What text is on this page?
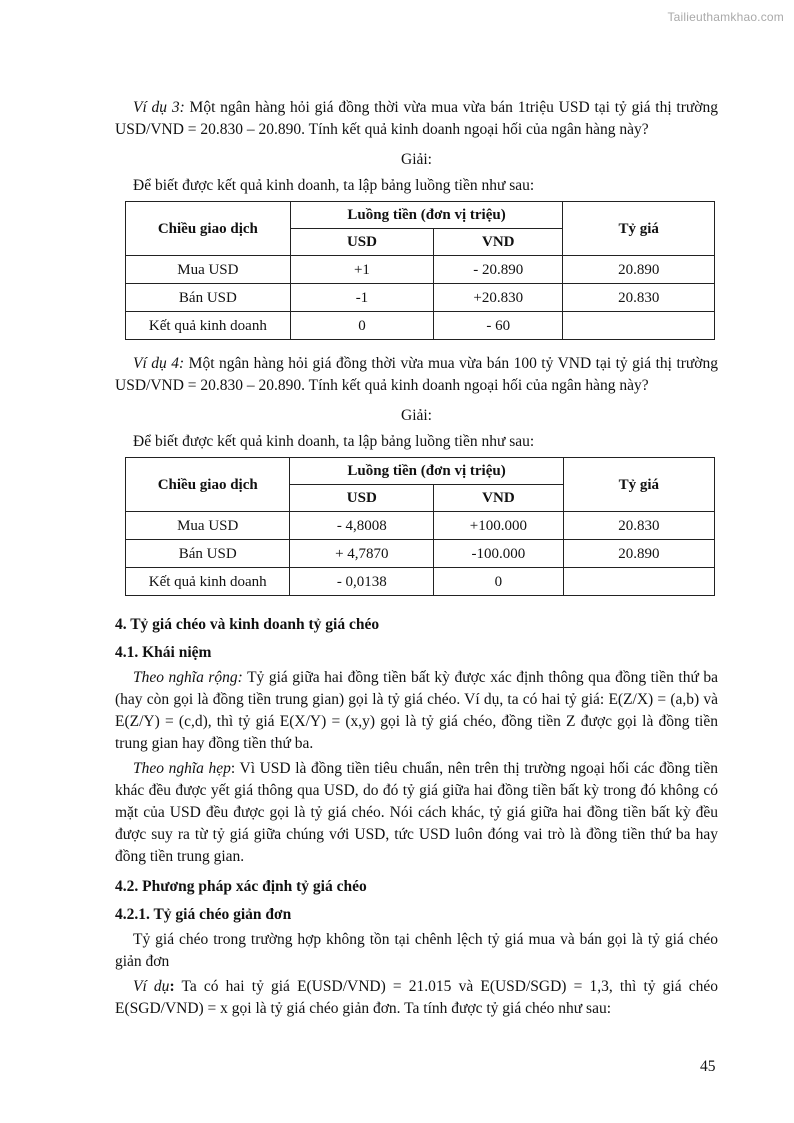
Tailieuthamkhao.com

Ví dụ 3: Một ngân hàng hỏi giá đồng thời vừa mua vừa bán 1triệu USD tại tỷ giá thị trường USD/VND = 20.830 – 20.890. Tính kết quả kinh doanh ngoại hối của ngân hàng này?

Giải:

Để biết được kết quả kinh doanh, ta lập bảng luồng tiền như sau:

Chiều giao dịch	Luồng tiền (đơn vị triệu)		Tỷ giá
	USD	VND	
Mua USD	+1	- 20.890	20.890
Bán USD	-1	+20.830	20.830
Kết quả kinh doanh	0	- 60	

Ví dụ 4: Một ngân hàng hỏi giá đồng thời vừa mua vừa bán 100 tỷ VND tại tỷ giá thị trường USD/VND = 20.830 – 20.890. Tính kết quả kinh doanh ngoại hối của ngân hàng này?

Giải:

Để biết được kết quả kinh doanh, ta lập bảng luồng tiền như sau:

Chiều giao dịch	Luồng tiền (đơn vị triệu)		Tỷ giá
	USD	VND	
Mua USD	- 4,8008	+100.000	20.830
Bán USD	+ 4,7870	-100.000	20.890
Kết quả kinh doanh	- 0,0138	0	

4. Tỷ giá chéo và kinh doanh tỷ giá chéo

4.1. Khái niệm

Theo nghĩa rộng: Tỷ giá giữa hai đồng tiền bất kỳ được xác định thông qua đồng tiền thứ ba (hay còn gọi là đồng tiền trung gian) gọi là tỷ giá chéo. Ví dụ, ta có hai tỷ giá: E(Z/X) = (a,b) và E(Z/Y) = (c,d), thì tỷ giá E(X/Y) = (x,y) gọi là tỷ giá chéo, đồng tiền Z được gọi là đồng tiền trung gian hay đồng tiền thứ ba.

Theo nghĩa hẹp: Vì USD là đồng tiền tiêu chuẩn, nên trên thị trường ngoại hối các đồng tiền khác đều được yết giá thông qua USD, do đó tỷ giá giữa hai đồng tiền bất kỳ trong đó không có mặt của USD đều được gọi là tỷ giá chéo. Nói cách khác, tỷ giá giữa hai đồng tiền bất kỳ đều được suy ra từ tỷ giá giữa chúng với USD, tức USD luôn đóng vai trò là đồng tiền thứ ba hay đồng tiền trung gian.

4.2. Phương pháp xác định tỷ giá chéo

4.2.1. Tỷ giá chéo giản đơn

Tỷ giá chéo trong trường hợp không tồn tại chênh lệch tỷ giá mua và bán gọi là tỷ giá chéo giản đơn

Ví dụ: Ta có hai tỷ giá E(USD/VND) = 21.015 và E(USD/SGD) = 1,3, thì tỷ giá chéo E(SGD/VND) = x gọi là tỷ giá chéo giản đơn. Ta tính được tỷ giá chéo như sau:

45
